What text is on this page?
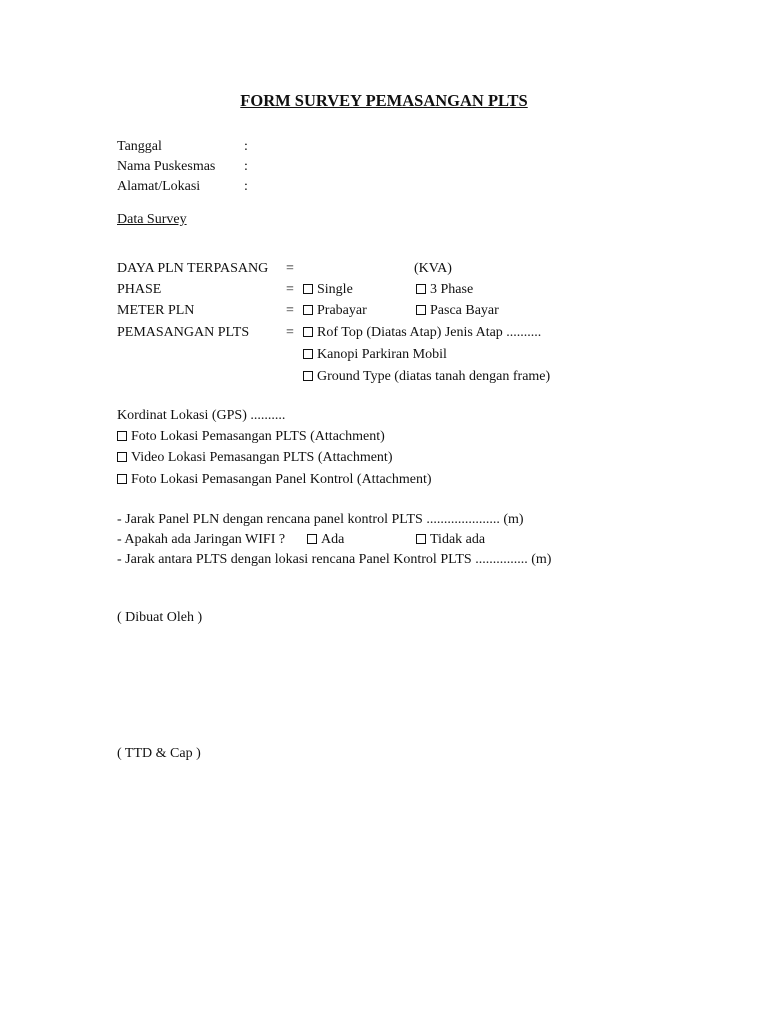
FORM SURVEY PEMASANGAN PLTS
Tanggal	:
Nama Puskesmas :
Alamat/Lokasi	:
Data Survey
DAYA PLN TERPASANG =	(KVA)
PHASE	=	Single	3 Phase
METER PLN	=	Prabayar	Pasca Bayar
PEMASANGAN PLTS	=	Rof Top (Diatas Atap) Jenis Atap ..........
Kanopi Parkiran Mobil
Ground Type (diatas tanah dengan frame)
Kordinat Lokasi (GPS) ..........
Foto Lokasi Pemasangan PLTS (Attachment)
Video Lokasi Pemasangan PLTS (Attachment)
Foto Lokasi Pemasangan Panel Kontrol (Attachment)
- Jarak Panel PLN dengan rencana panel kontrol PLTS ..................... (m)
- Apakah ada Jaringan WIFI ?	Ada	Tidak ada
- Jarak antara PLTS dengan lokasi rencana Panel Kontrol PLTS ............... (m)
( Dibuat Oleh )
( TTD & Cap )
